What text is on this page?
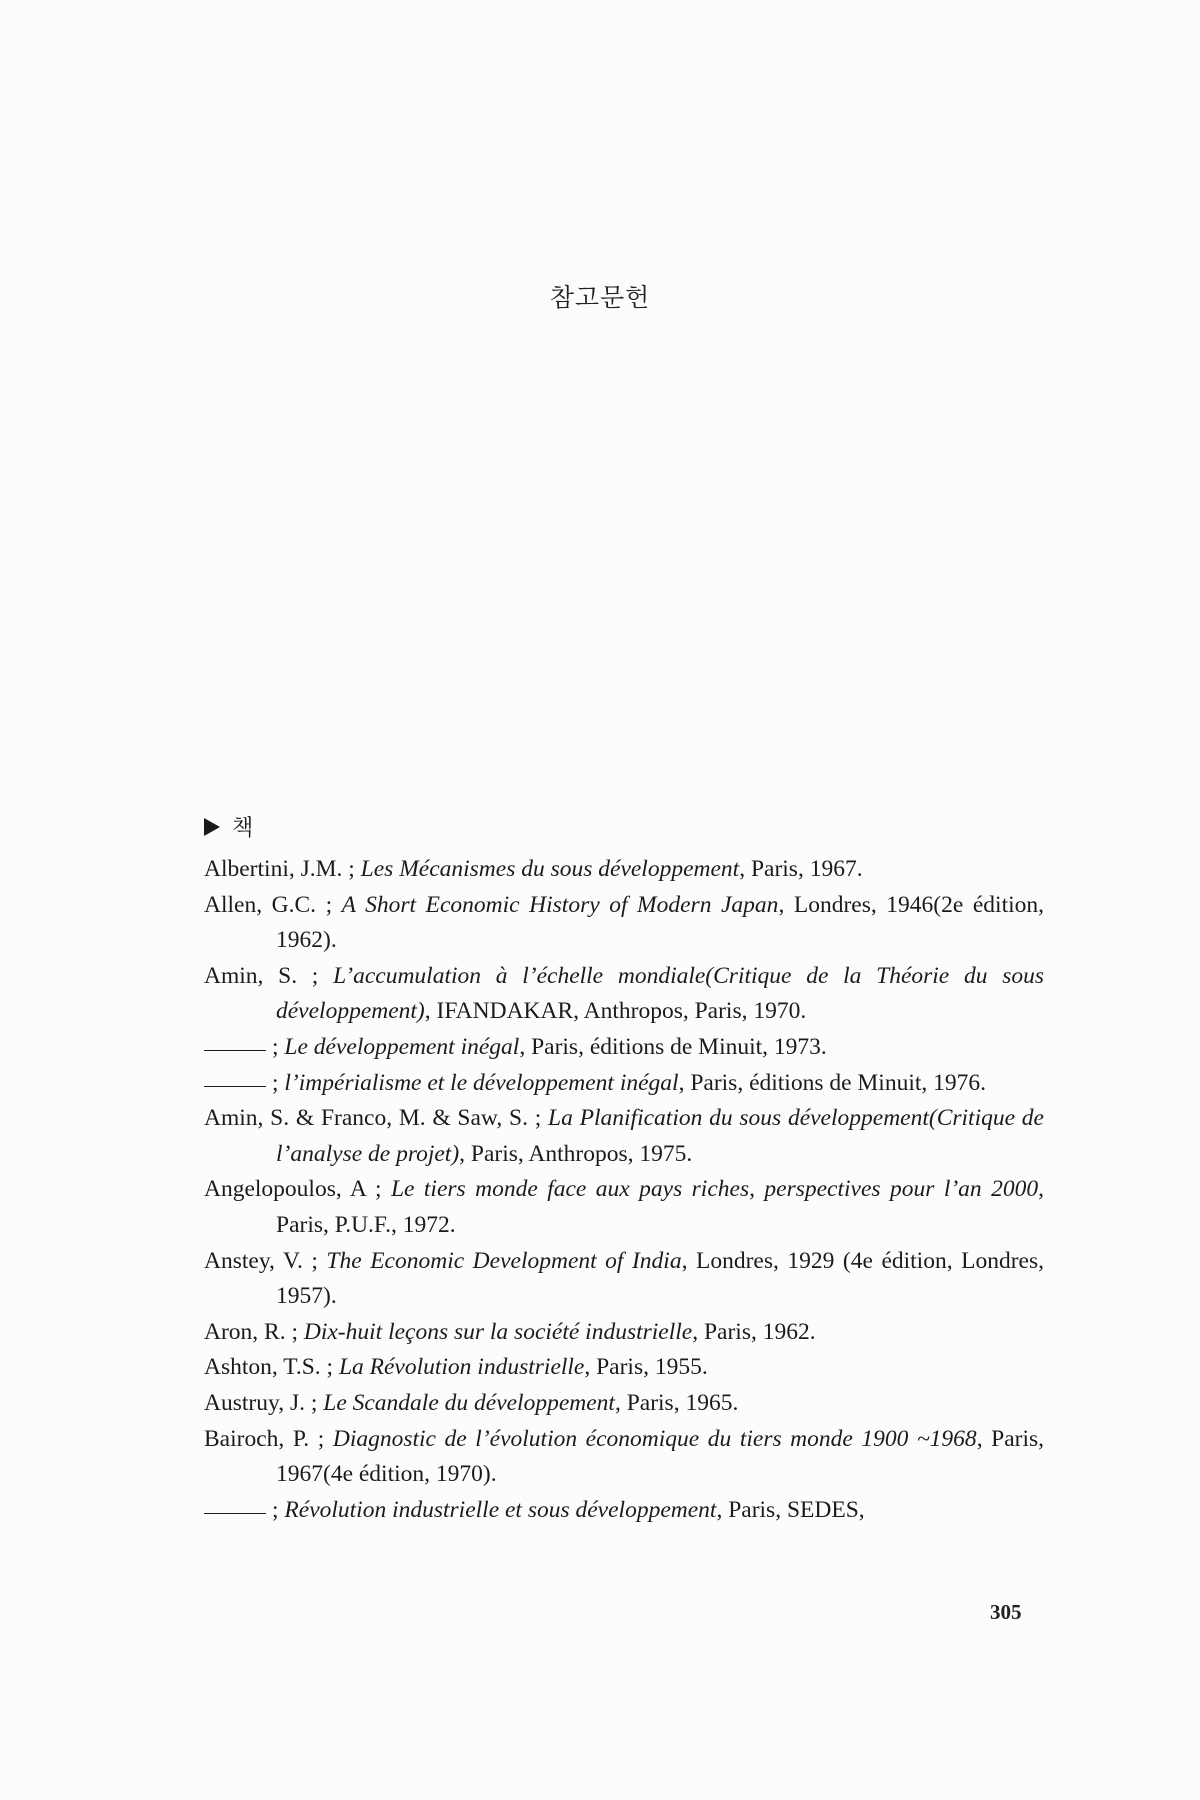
참고문헌
책

Albertini, J.M. ; Les Mécanismes du sous développement, Paris, 1967.

Allen, G.C. ; A Short Economic History of Modern Japan, Londres, 1946(2e édition, 1962).

Amin, S. ; L’accumulation à l’échelle mondiale(Critique de la Théorie du sous développement), IFANDAKAR, Anthropos, Paris, 1970.

; Le développement inégal, Paris, éditions de Minuit, 1973.

; l’impérialisme et le développement inégal, Paris, éditions de Minuit, 1976.

Amin, S. & Franco, M. & Saw, S. ; La Planification du sous développement(Critique de l’analyse de projet), Paris, Anthropos, 1975.

Angelopoulos, A ; Le tiers monde face aux pays riches, perspectives pour l’an 2000, Paris, P.U.F., 1972.

Anstey, V. ; The Economic Development of India, Londres, 1929 (4e édition, Londres, 1957).

Aron, R. ; Dix-huit leçons sur la société industrielle, Paris, 1962.

Ashton, T.S. ; La Révolution industrielle, Paris, 1955.

Austruy, J. ; Le Scandale du développement, Paris, 1965.

Bairoch, P. ; Diagnostic de l’évolution économique du tiers monde 1900 ~1968, Paris, 1967(4e édition, 1970).

; Révolution industrielle et sous développement, Paris, SEDES,

305
